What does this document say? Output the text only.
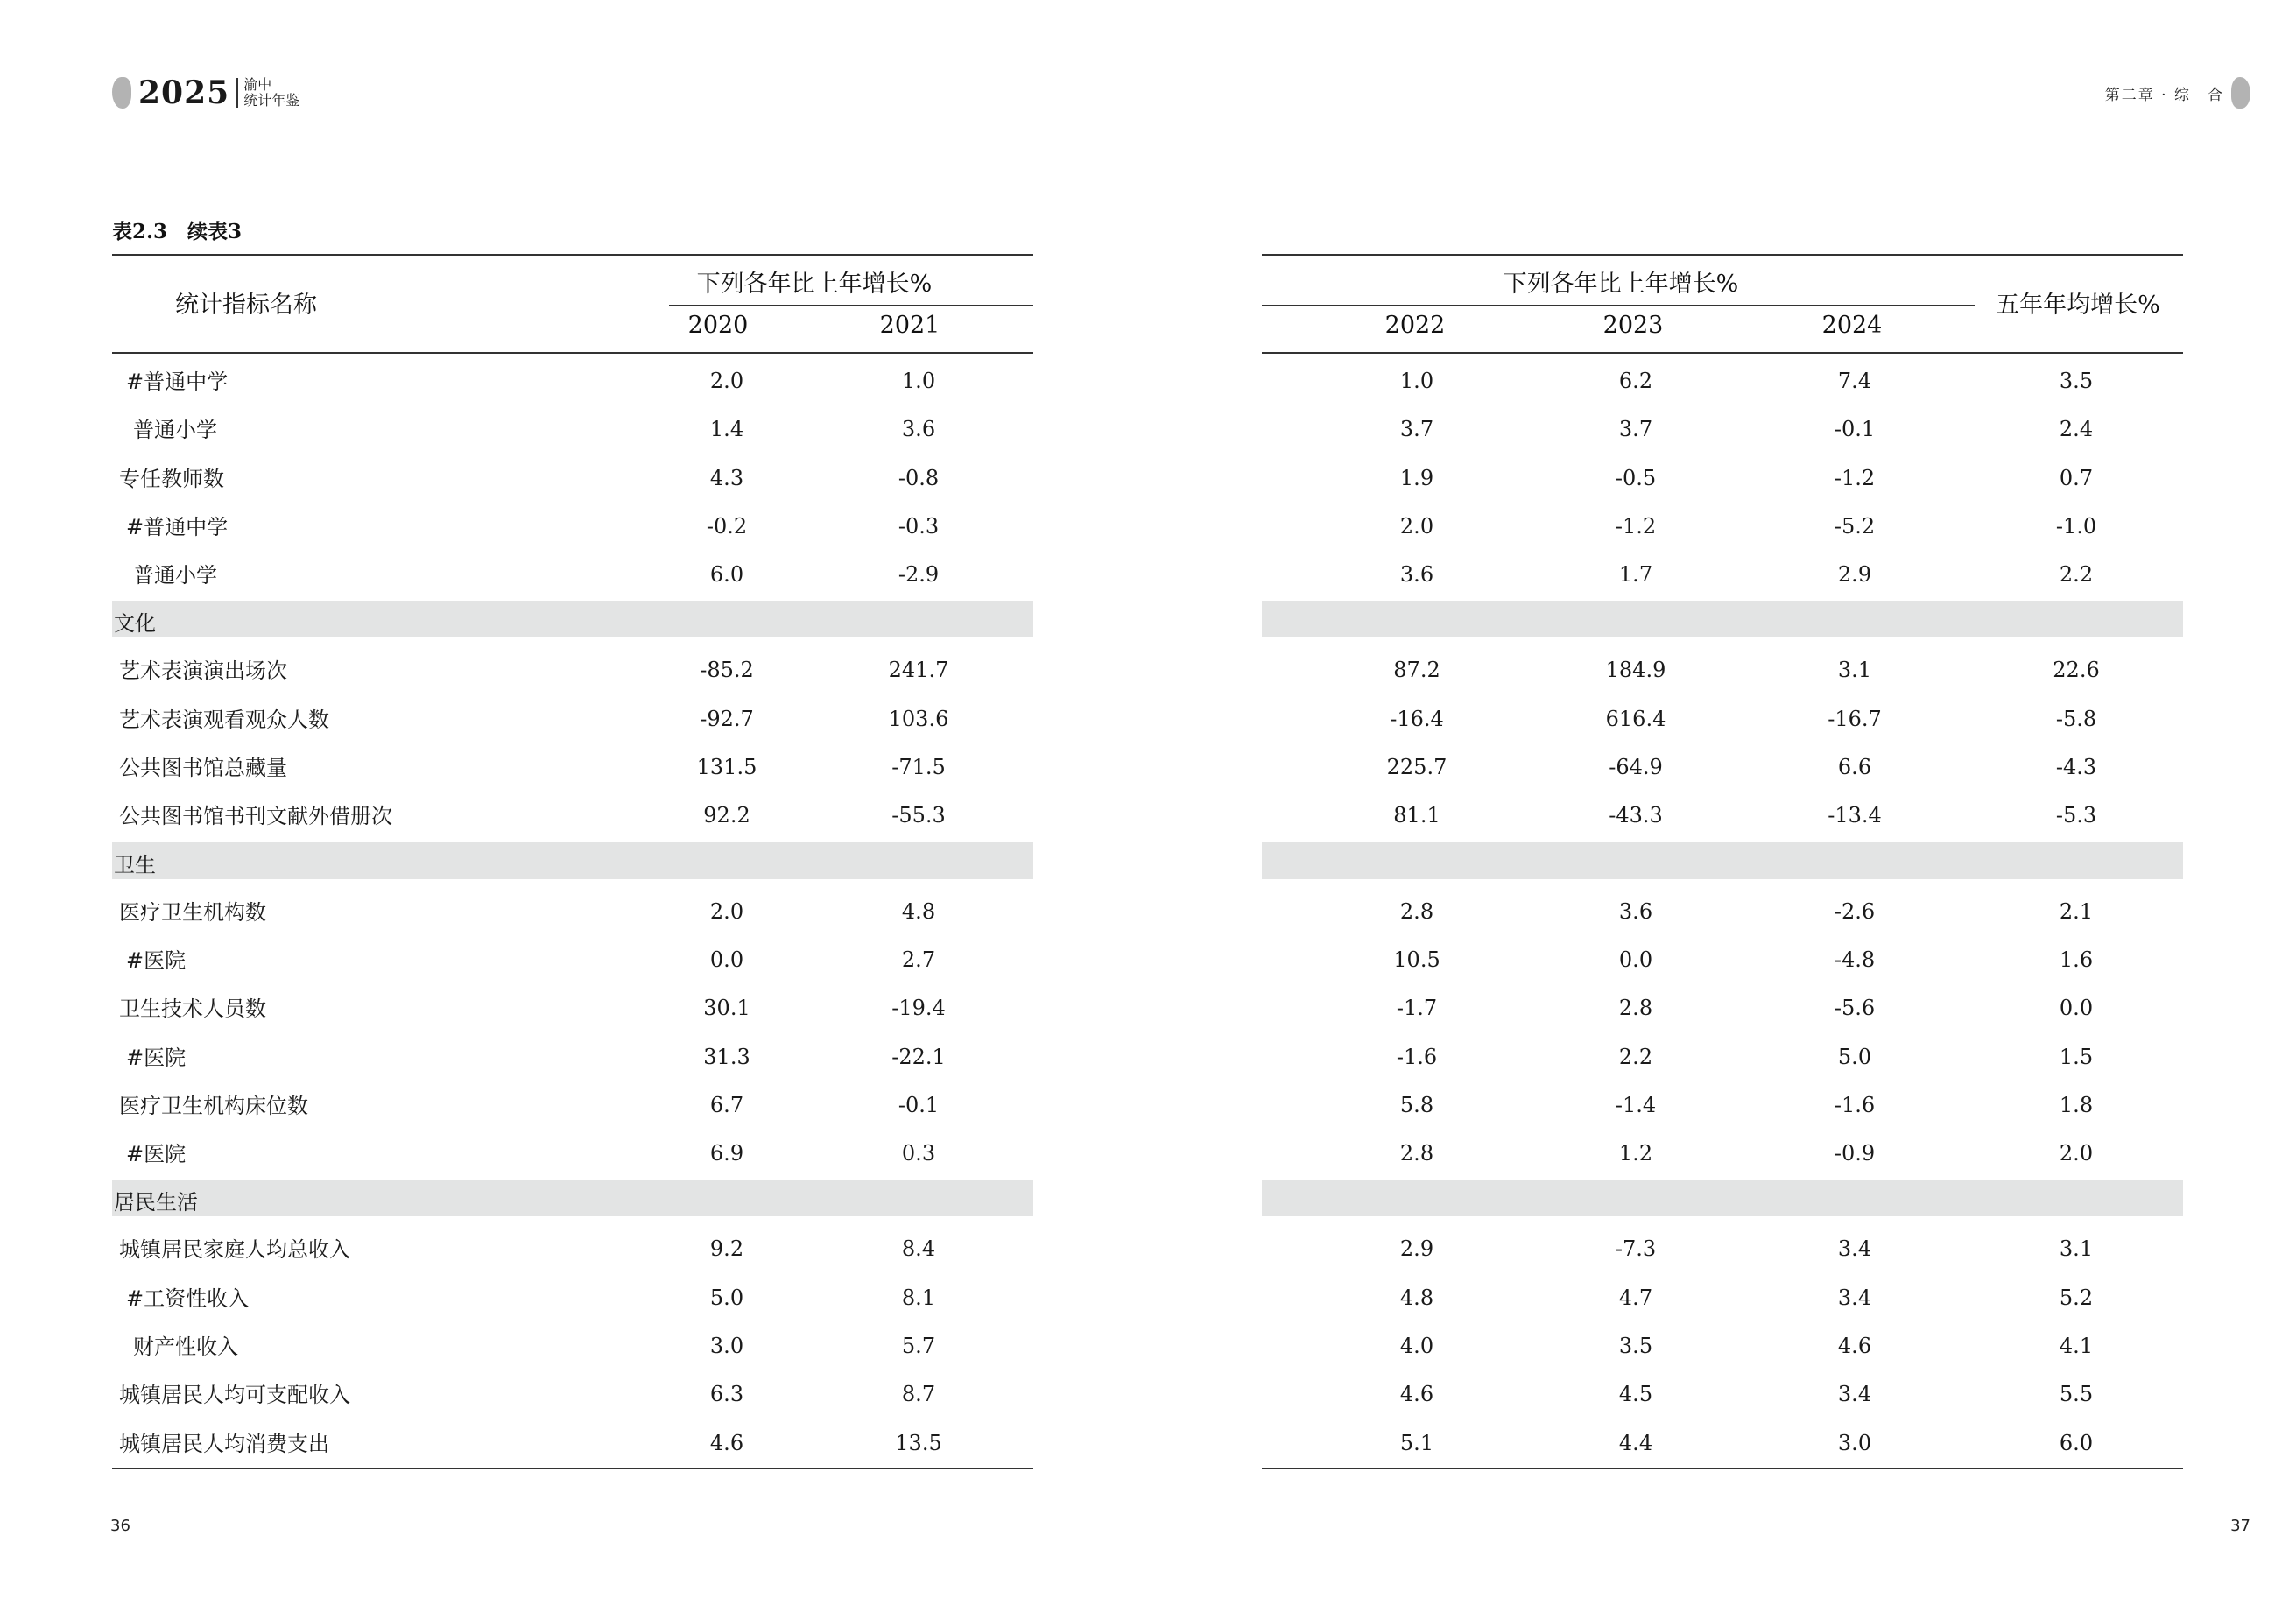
2025 渝中
统计年鉴
表2.3　续表3
统计指标名称
下列各年比上年增长%
2020	2021
#普通中学	2.0	1.0
普通小学	1.4	3.6
专任教师数	4.3	-0.8
#普通中学	-0.2	-0.3
普通小学	6.0	-2.9
文化
艺术表演演出场次	-85.2	241.7
艺术表演观看观众人数	-92.7	103.6
公共图书馆总藏量	131.5	-71.5
公共图书馆书刊文献外借册次	92.2	-55.3
卫生
医疗卫生机构数	2.0	4.8
#医院	0.0	2.7
卫生技术人员数	30.1	-19.4
#医院	31.3	-22.1
医疗卫生机构床位数	6.7	-0.1
#医院	6.9	0.3
居民生活
城镇居民家庭人均总收入	9.2	8.4
#工资性收入	5.0	8.1
财产性收入	3.0	5.7
城镇居民人均可支配收入	6.3	8.7
城镇居民人均消费支出	4.6	13.5
36
第二章 · 综　合
下列各年比上年增长%
五年年均增长%
2022	2023	2024
1.0	6.2	7.4	3.5
3.7	3.7	-0.1	2.4
1.9	-0.5	-1.2	0.7
2.0	-1.2	-5.2	-1.0
3.6	1.7	2.9	2.2
87.2	184.9	3.1	22.6
-16.4	616.4	-16.7	-5.8
225.7	-64.9	6.6	-4.3
81.1	-43.3	-13.4	-5.3
2.8	3.6	-2.6	2.1
10.5	0.0	-4.8	1.6
-1.7	2.8	-5.6	0.0
-1.6	2.2	5.0	1.5
5.8	-1.4	-1.6	1.8
2.8	1.2	-0.9	2.0
2.9	-7.3	3.4	3.1
4.8	4.7	3.4	5.2
4.0	3.5	4.6	4.1
4.6	4.5	3.4	5.5
5.1	4.4	3.0	6.0
37
